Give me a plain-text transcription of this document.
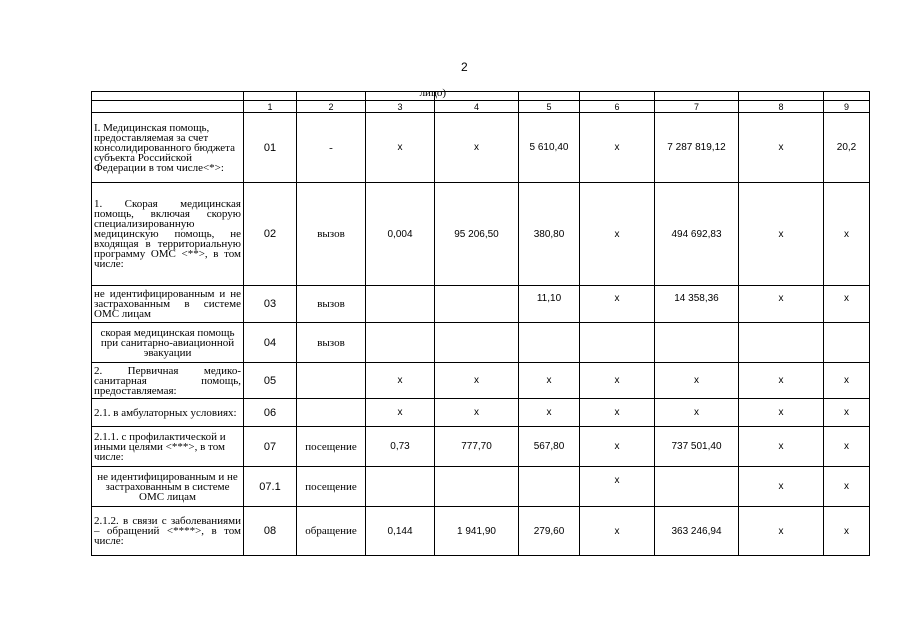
2
			лицо)						
	1	2	3	4	5	6	7	8	9
I. Медицинская помощь, предоставляемая за счет консолидированного бюджета субъекта Российской Федерации в том числе<*>:	01	-	x	x	5 610,40	x	7 287 819,12	x	20,2
1. Скорая медицинская помощь, включая скорую специализированную медицинскую помощь, не входящая в территориальную программу ОМС <**>, в том числе:	02	вызов	0,004	95 206,50	380,80	x	494 692,83	x	x
не идентифицированным и не застрахованным в системе ОМС лицам	03	вызов			11,10	x	14 358,36	x	x
скорая медицинская помощь при санитарно-авиационной эвакуации	04	вызов							
2. Первичная медико-санитарная помощь, предоставляемая:	05		x	x	x	x	x	x	x
2.1. в амбулаторных условиях:	06		x	x	x	x	x	x	x
2.1.1. с профилактической и иными целями <***>, в том числе:	07	посещение	0,73	777,70	567,80	x	737 501,40	x	x
не идентифицированным и не застрахованным в системе ОМС лицам	07.1	посещение				x		x	x
2.1.2. в связи с заболеваниями – обращений <****>, в том числе:	08	обращение	0,144	1 941,90	279,60	x	363 246,94	x	x
